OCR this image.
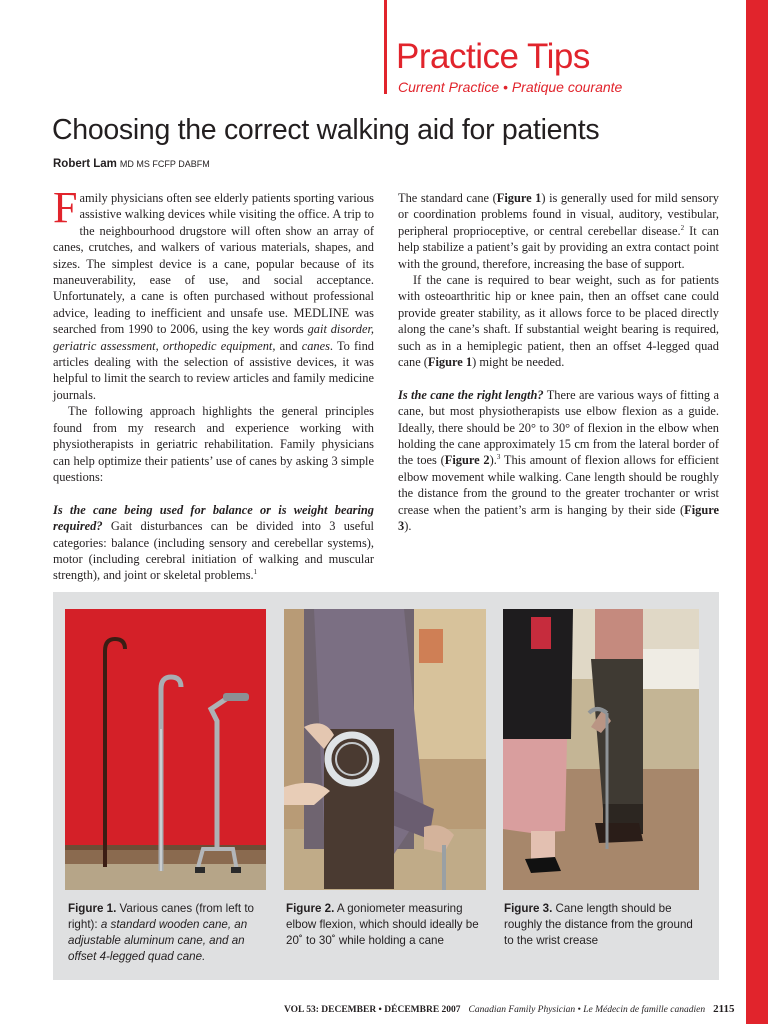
Practice Tips
Current Practice • Pratique courante
Choosing the correct walking aid for patients
Robert Lam MD MS FCFP DABFM

Family physicians often see elderly patients sporting various assistive walking devices while visiting the office. A trip to the neighbourhood drugstore will often show an array of canes, crutches, and walkers of various materials, shapes, and sizes. The simplest device is a cane, popular because of its maneuverability, ease of use, and social acceptance. Unfortunately, a cane is often purchased without professional advice, leading to inefficient and unsafe use. MEDLINE was searched from 1990 to 2006, using the key words gait disorder, geriatric assessment, orthopedic equipment, and canes. To find articles dealing with the selection of assistive devices, it was helpful to limit the search to review articles and family medicine journals.

The following approach highlights the general principles found from my research and experience working with physiotherapists in geriatric rehabilitation. Family physicians can help optimize their patients’ use of canes by asking 3 simple questions:

Is the cane being used for balance or is weight bearing required? Gait disturbances can be divided into 3 useful categories: balance (including sensory and cerebellar systems), motor (including cerebral initiation of walking and muscular strength), and joint or skeletal problems.$^1$

The standard cane (Figure 1) is generally used for mild sensory or coordination problems found in visual, auditory, vestibular, peripheral proprioceptive, or central cerebellar disease.$^2$ It can help stabilize a patient’s gait by providing an extra contact point with the ground, therefore, increasing the base of support.

If the cane is required to bear weight, such as for patients with osteoarthritic hip or knee pain, then an offset cane could provide greater stability, as it allows force to be placed directly along the cane’s shaft. If substantial weight bearing is required, such as in a hemiplegic patient, then an offset 4-legged quad cane (Figure 1) might be needed.

Is the cane the right length? There are various ways of fitting a cane, but most physiotherapists use elbow flexion as a guide. Ideally, there should be 20° to 30° of flexion in the elbow when holding the cane approximately 15 cm from the lateral border of the toes (Figure 2).$^3$ This amount of flexion allows for efficient elbow movement while walking. Cane length should be roughly the distance from the ground to the greater trochanter or wrist crease when the patient’s arm is hanging by their side (Figure 3).

Figure 1. Various canes (from left to right): a standard wooden cane, an adjustable aluminum cane, and an offset 4-legged quad cane.
Figure 2. A goniometer measuring elbow flexion, which should ideally be 20˚ to 30˚ while holding a cane
Figure 3. Cane length should be roughly the distance from the ground to the wrist crease
VOL 53: DECEMBER • DÉCEMBRE 2007 Canadian Family Physician • Le Médecin de famille canadien 2115
